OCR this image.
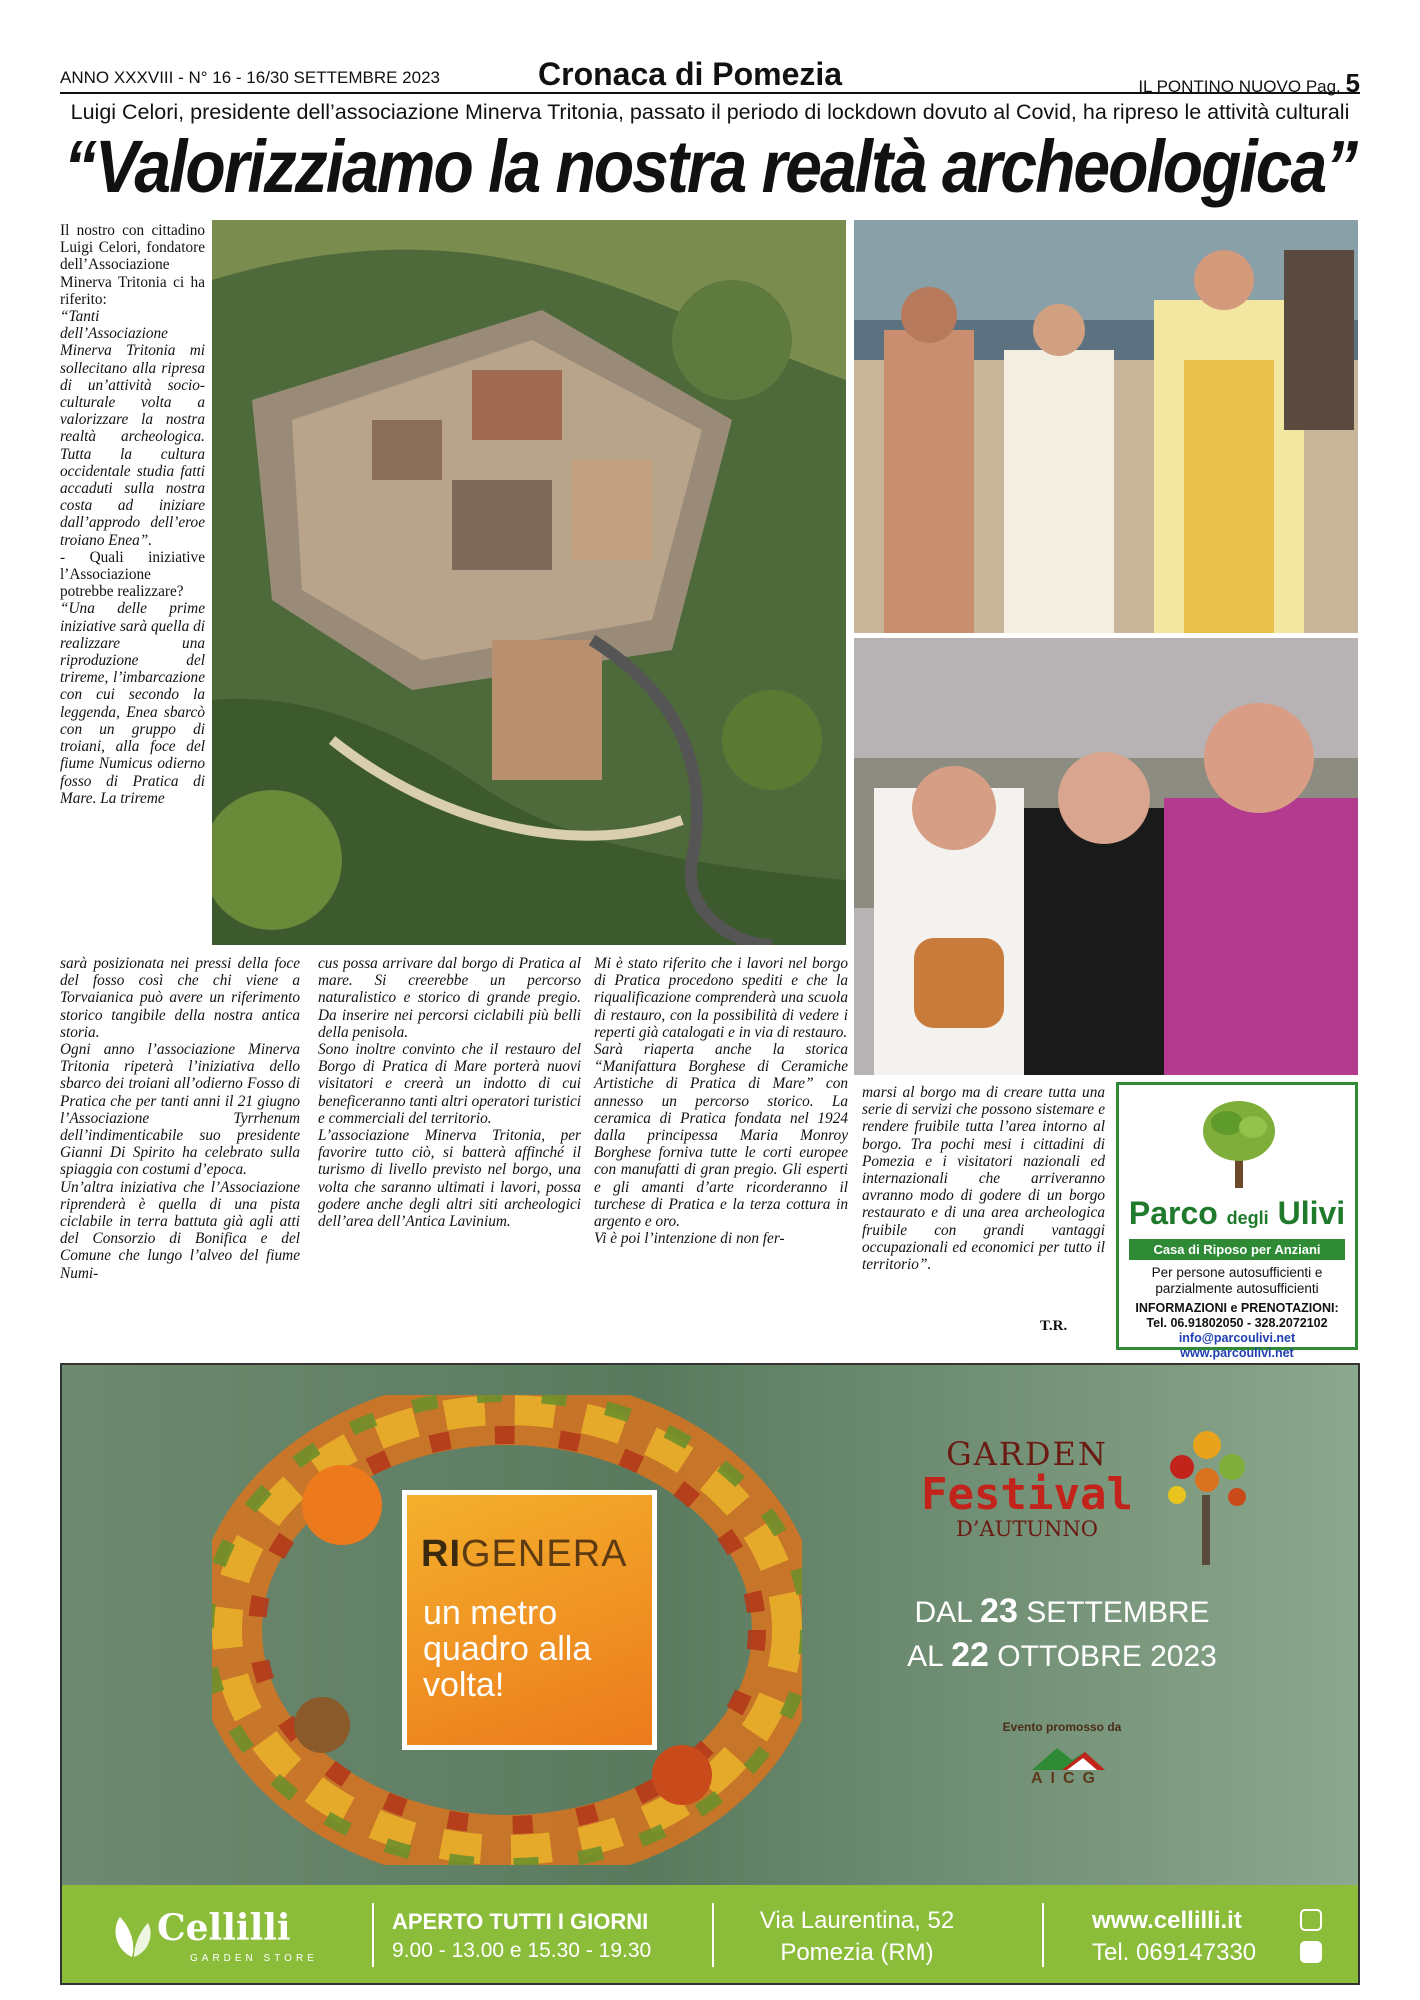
ANNO XXXVIII - N° 16 - 16/30 SETTEMBRE 2023	Cronaca di Pomezia	IL PONTINO NUOVO Pag. 5
Luigi Celori, presidente dell’associazione Minerva Tritonia, passato il periodo di lockdown dovuto al Covid, ha ripreso le attività culturali
“Valorizziamo la nostra realtà archeologica”

Il nostro con cittadino Luigi Celori, fondatore dell’Associazione Minerva Tritonia ci ha riferito:

“Tanti dell’Associazione Minerva Tritonia mi sollecitano alla ripresa di un’attività socio-culturale volta a valorizzare la nostra realtà archeologica. Tutta la cultura occidentale studia fatti accaduti sulla nostra costa ad iniziare dall’approdo dell’eroe troiano Enea”.

- Quali iniziative l’Associazione potrebbe realizzare?

“Una delle prime iniziative sarà quella di realizzare una riproduzione del trireme, l’imbarcazione con cui secondo la leggenda, Enea sbarcò con un gruppo di troiani, alla foce del fiume Numicus odierno fosso di Pratica di Mare. La trireme

sarà posizionata nei pressi della foce del fosso così che chi viene a Torvaianica può avere un riferimento storico tangibile della nostra antica storia.

Ogni anno l’associazione Minerva Tritonia ripeterà l’iniziativa dello sbarco dei troiani all’odierno Fosso di Pratica che per tanti anni il 21 giugno l’Associazione Tyrrhenum dell’indimenticabile suo presidente Gianni Di Spirito ha celebrato sulla spiaggia con costumi d’epoca.

Un’altra iniziativa che l’Associazione riprenderà è quella di una pista ciclabile in terra battuta già agli atti del Consorzio di Bonifica e del Comune che lungo l’alveo del fiume Numi-

cus possa arrivare dal borgo di Pratica al mare. Si creerebbe un percorso naturalistico e storico di grande pregio. Da inserire nei percorsi ciclabili più belli della penisola.

Sono inoltre convinto che il restauro del Borgo di Pratica di Mare porterà nuovi visitatori e creerà un indotto di cui beneficeranno tanti altri operatori turistici e commerciali del territorio.

L’associazione Minerva Tritonia, per favorire tutto ciò, si batterà affinché il turismo di livello previsto nel borgo, una volta che saranno ultimati i lavori, possa godere anche degli altri siti archeologici dell’area dell’Antica Lavinium.

Mi è stato riferito che i lavori nel borgo di Pratica procedono spediti e che la riqualificazione comprenderà una scuola di restauro, con la possibilità di vedere i reperti già catalogati e in via di restauro.

Sarà riaperta anche la storica “Manifattura Borghese di Ceramiche Artistiche di Pratica di Mare” con annesso un percorso storico. La ceramica di Pratica fondata nel 1924 dalla principessa Maria Monroy Borghese forniva tutte le corti europee con manufatti di gran pregio. Gli esperti e gli amanti d’arte ricorderanno il turchese di Pratica e la terza cottura in argento e oro.

Vi è poi l’intenzione di non fer-

marsi al borgo ma di creare tutta una serie di servizi che possono sistemare e rendere fruibile tutta l’area intorno al borgo. Tra pochi mesi i cittadini di Pomezia e i visitatori nazionali ed internazionali che arriveranno avranno modo di godere di un borgo restaurato e di una area archeologica fruibile con grandi vantaggi occupazionali ed economici per tutto il territorio”.

T.R.
Parco degli Ulivi
Casa di Riposo per Anziani
Per persone autosufficienti e parzialmente autosufficienti
INFORMAZIONI e PRENOTAZIONI:
Tel. 06.91802050 - 328.2072102
info@parcoulivi.net
www.parcoulivi.net
RIGENERA
un metro quadro alla volta!
GARDEN
Festival
D’AUTUNNO
DAL 23 SETTEMBRE
AL 22 OTTOBRE 2023
Evento promosso da
AICG
Cellilli
GARDEN STORE
APERTO TUTTI I GIORNI
9.00 - 13.00 e 15.30 - 19.30
Via Laurentina, 52
Pomezia (RM)
www.cellilli.it
Tel. 069147330
